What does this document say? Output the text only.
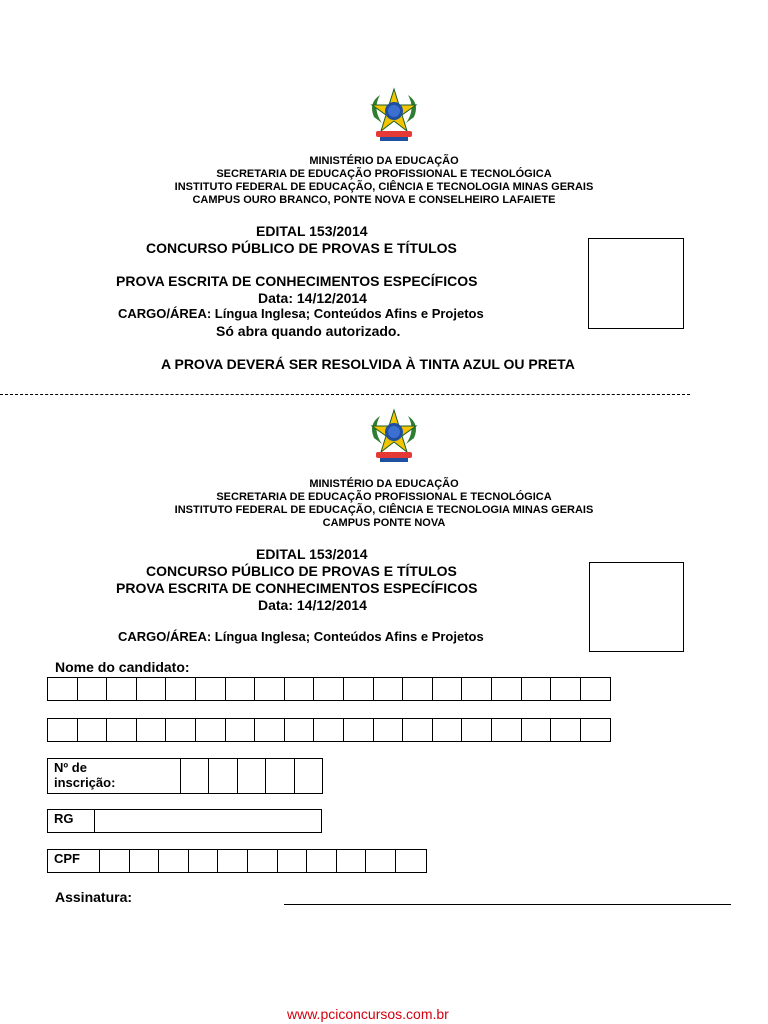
MINISTÉRIO DA EDUCAÇÃO
SECRETARIA DE EDUCAÇÃO PROFISSIONAL E TECNOLÓGICA
INSTITUTO FEDERAL DE EDUCAÇÃO, CIÊNCIA E TECNOLOGIA MINAS GERAIS
CAMPUS OURO BRANCO, PONTE NOVA E CONSELHEIRO LAFAIETE
EDITAL 153/2014
CONCURSO PÚBLICO DE PROVAS E TÍTULOS
PROVA ESCRITA DE CONHECIMENTOS ESPECÍFICOS
Data: 14/12/2014
CARGO/ÁREA: Língua Inglesa; Conteúdos Afins e Projetos
Só abra quando autorizado.
A PROVA DEVERÁ SER RESOLVIDA À TINTA AZUL OU PRETA
MINISTÉRIO DA EDUCAÇÃO
SECRETARIA DE EDUCAÇÃO PROFISSIONAL E TECNOLÓGICA
INSTITUTO FEDERAL DE EDUCAÇÃO, CIÊNCIA E TECNOLOGIA MINAS GERAIS
CAMPUS PONTE NOVA
EDITAL 153/2014
CONCURSO PÚBLICO DE PROVAS E TÍTULOS
PROVA ESCRITA DE CONHECIMENTOS ESPECÍFICOS
Data: 14/12/2014
CARGO/ÁREA: Língua Inglesa; Conteúdos Afins e Projetos
Nome do candidato:
Nº de
inscrição:
RG
CPF
Assinatura:
www.pciconcursos.com.br
